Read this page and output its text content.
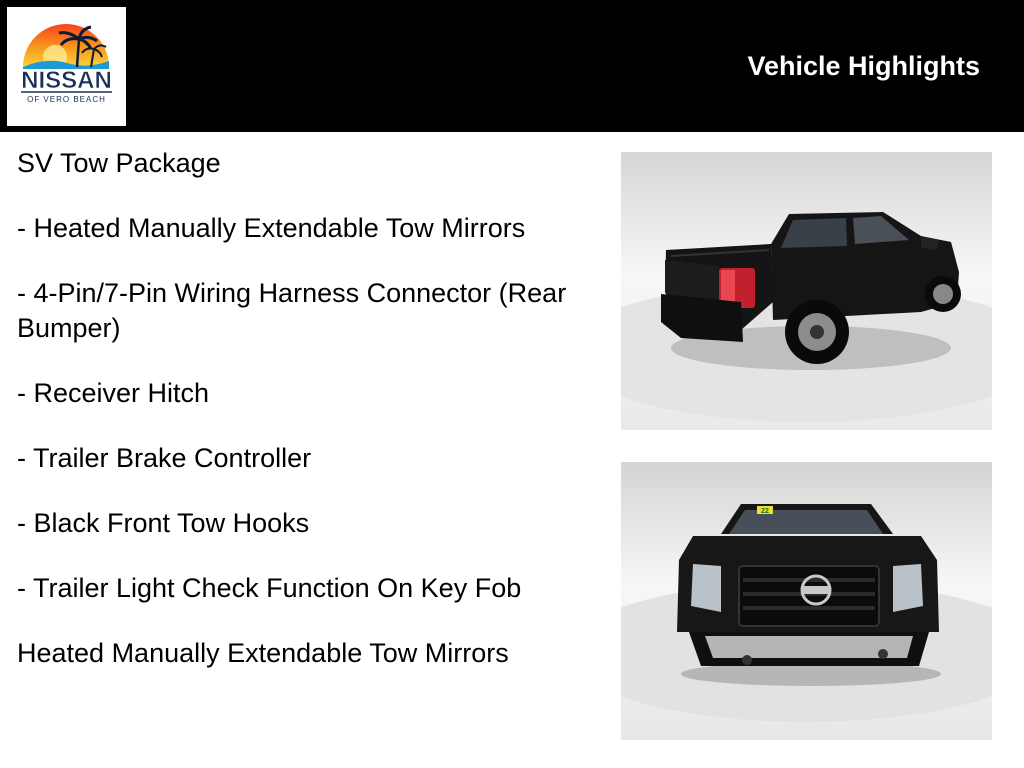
NISSAN
OF VERO BEACH
Vehicle Highlights

SV Tow Package

- Heated Manually Extendable Tow Mirrors

- 4-Pin/7-Pin Wiring Harness Connector (Rear Bumper)

- Receiver Hitch

- Trailer Brake Controller

- Black Front Tow Hooks

- Trailer Light Check Function On Key Fob

Heated Manually Extendable Tow Mirrors

22
